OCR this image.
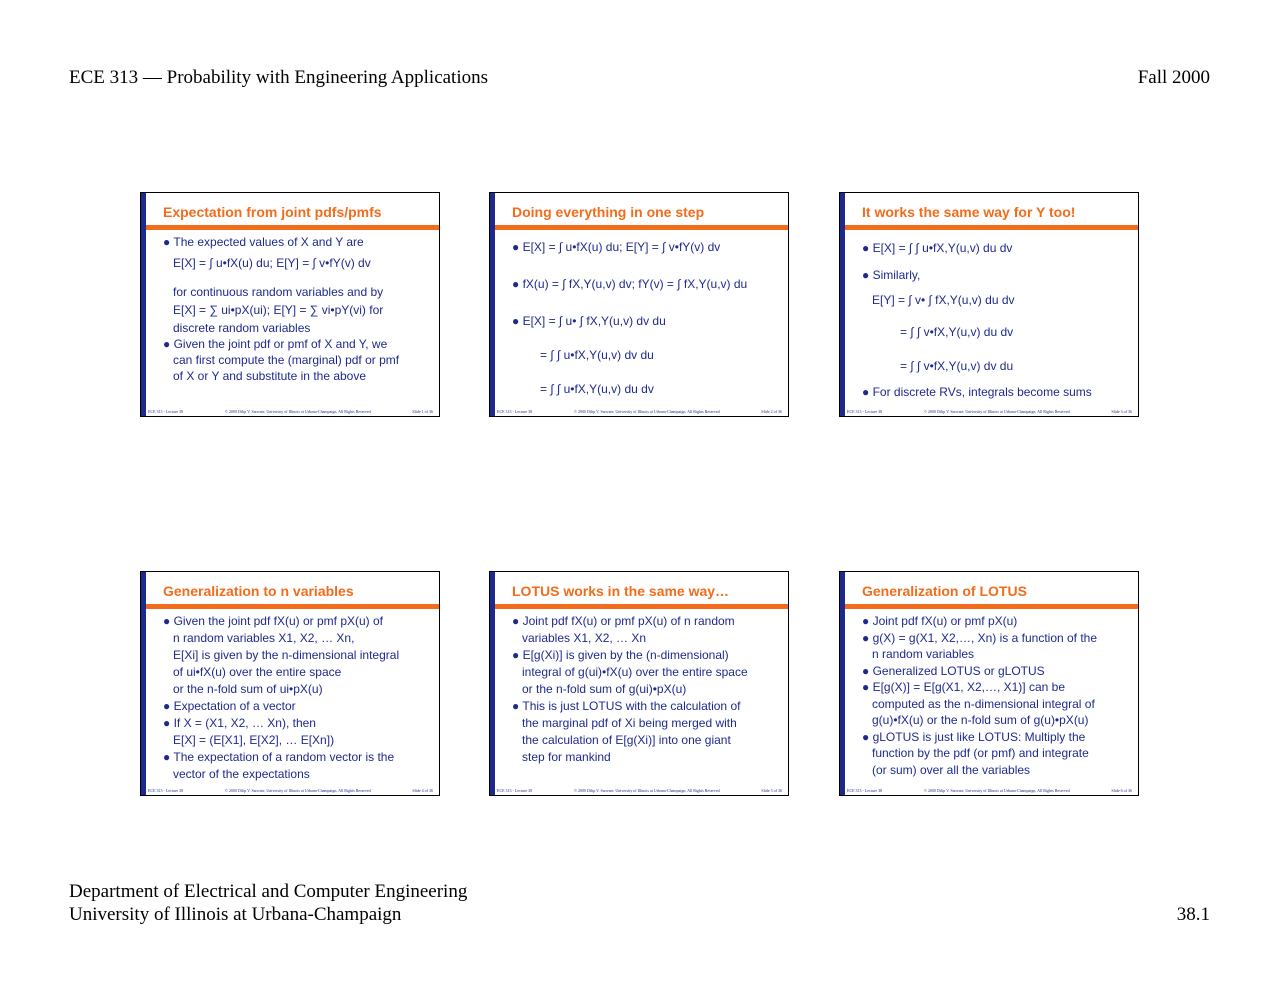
ECE 313 — Probability with Engineering Applications	Fall 2000
Expectation from joint pdfs/pmfs
● The expected values of X and Y are
E[X] = ∫ u•fX(u) du; E[Y] = ∫ v•fY(v) dv
for continuous random variables and by
E[X] = ∑ ui•pX(ui); E[Y] = ∑ vi•pY(vi) for
discrete random variables
● Given the joint pdf or pmf of X and Y, we
can first compute the (marginal) pdf or pmf
of X or Y and substitute in the above
ECE 313 - Lecture 38	© 2000 Dilip V. Sarwate, University of Illinois at Urbana-Champaign, All Rights Reserved	Slide 1 of 36
Doing everything in one step
● E[X] = ∫ u•fX(u) du; E[Y] = ∫ v•fY(v) dv
● fX(u) = ∫ fX,Y(u,v) dv; fY(v) = ∫ fX,Y(u,v) du
● E[X] = ∫ u• ∫ fX,Y(u,v) dv du
= ∫ ∫ u•fX,Y(u,v) dv du
= ∫ ∫ u•fX,Y(u,v) du dv
ECE 313 - Lecture 38	© 2000 Dilip V. Sarwate, University of Illinois at Urbana-Champaign, All Rights Reserved	Slide 2 of 36
It works the same way for Y too!
● E[X] = ∫ ∫ u•fX,Y(u,v) du dv
● Similarly,
E[Y] = ∫ v• ∫ fX,Y(u,v) du dv
= ∫ ∫ v•fX,Y(u,v) du dv
= ∫ ∫ v•fX,Y(u,v) dv du
● For discrete RVs, integrals become sums
ECE 313 - Lecture 38	© 2000 Dilip V. Sarwate, University of Illinois at Urbana-Champaign, All Rights Reserved	Slide 3 of 36
Generalization to n variables
● Given the joint pdf fX(u) or pmf pX(u) of
n random variables X1, X2, … Xn,
E[Xi] is given by the n-dimensional integral
of ui•fX(u) over the entire space
or the n-fold sum of ui•pX(u)
● Expectation of a vector
● If X = (X1, X2, … Xn), then
E[X] = (E[X1], E[X2], … E[Xn])
● The expectation of a random vector is the
vector of the expectations
ECE 313 - Lecture 38	© 2000 Dilip V. Sarwate, University of Illinois at Urbana-Champaign, All Rights Reserved	Slide 4 of 36
LOTUS works in the same way…
● Joint pdf fX(u) or pmf pX(u) of n random
variables X1, X2, … Xn
● E[g(Xi)] is given by the (n-dimensional)
integral of g(ui)•fX(u) over the entire space
or the n-fold sum of g(ui)•pX(u)
● This is just LOTUS with the calculation of
the marginal pdf of Xi being merged with
the calculation of E[g(Xi)] into one giant
step for mankind
ECE 313 - Lecture 38	© 2000 Dilip V. Sarwate, University of Illinois at Urbana-Champaign, All Rights Reserved	Slide 5 of 36
Generalization of LOTUS
● Joint pdf fX(u) or pmf pX(u)
● g(X) = g(X1, X2,…, Xn) is a function of the
n random variables
● Generalized LOTUS or gLOTUS
● E[g(X)] = E[g(X1, X2,…, X1)] can be
computed as the n-dimensional integral of
g(u)•fX(u) or the n-fold sum of g(u)•pX(u)
● gLOTUS is just like LOTUS: Multiply the
function by the pdf (or pmf) and integrate
(or sum) over all the variables
ECE 313 - Lecture 38	© 2000 Dilip V. Sarwate, University of Illinois at Urbana-Champaign, All Rights Reserved	Slide 6 of 36
Department of Electrical and Computer Engineering
University of Illinois at Urbana-Champaign	38.1
